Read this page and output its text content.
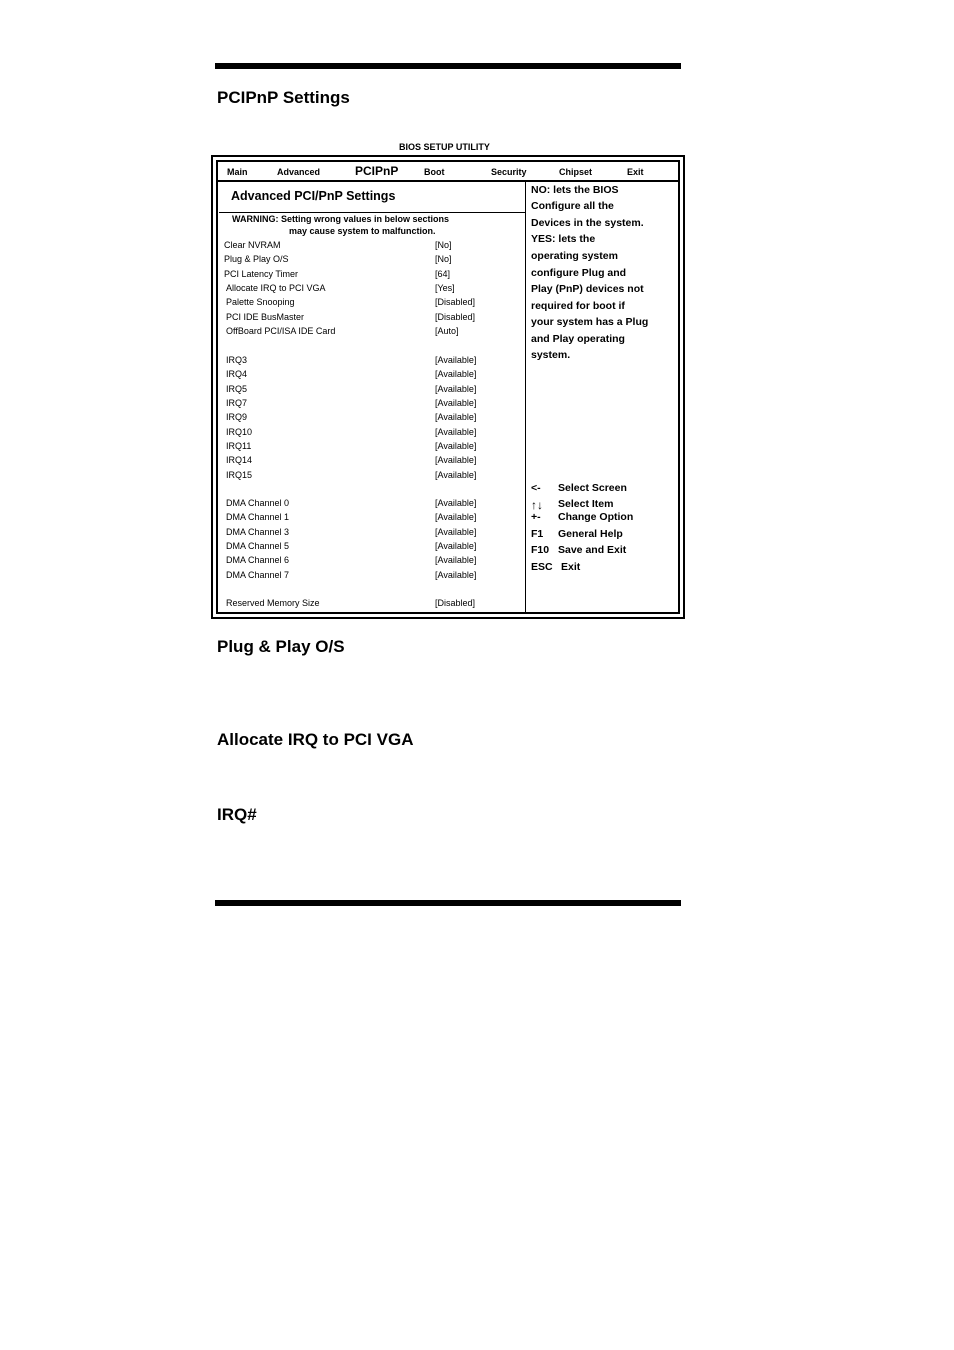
PCIPnP Settings
BIOS SETUP UTILITY
Main	Advanced	PCIPnP	Boot	Security	Chipset	Exit
Advanced PCI/PnP Settings
WARNING: Setting wrong values in below sections
may cause system to malfunction.
Clear NVRAM	[No]
Plug & Play O/S	[No]
PCI Latency Timer	[64]
Allocate IRQ to PCI VGA	[Yes]
Palette Snooping	[Disabled]
PCI IDE BusMaster	[Disabled]
OffBoard PCI/ISA IDE Card	[Auto]
IRQ3	[Available]
IRQ4	[Available]
IRQ5	[Available]
IRQ7	[Available]
IRQ9	[Available]
IRQ10	[Available]
IRQ11	[Available]
IRQ14	[Available]
IRQ15	[Available]
DMA Channel 0	[Available]
DMA Channel 1	[Available]
DMA Channel 3	[Available]
DMA Channel 5	[Available]
DMA Channel 6	[Available]
DMA Channel 7	[Available]
Reserved Memory Size	[Disabled]
NO: lets the BIOS
Configure all the
Devices in the system.
YES: lets the
operating system
configure Plug and
Play (PnP) devices not
required for boot if
your system has a Plug
and Play operating
system.
<- Select Screen
↑↓ Select Item
+- Change Option
F1 General Help
F10 Save and Exit
ESC Exit
Plug & Play O/S
Allocate IRQ to PCI VGA
IRQ#
